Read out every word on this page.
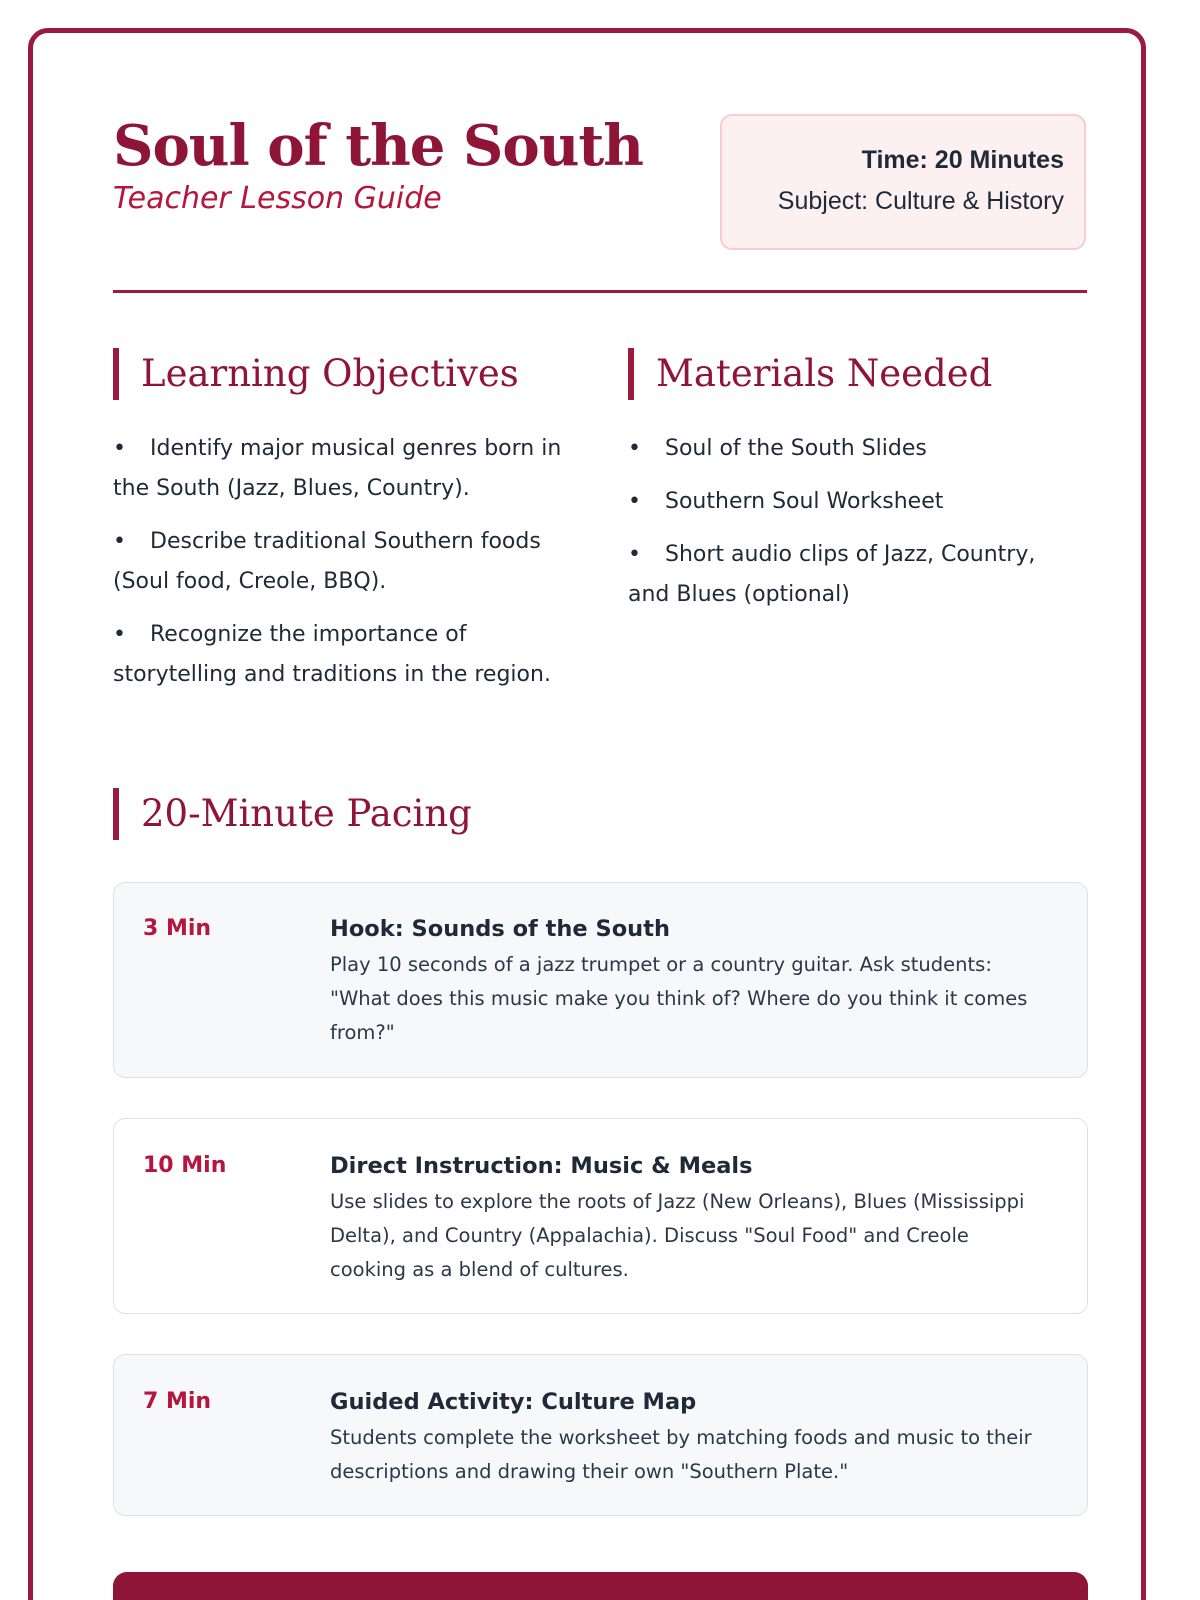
Soul of the South
Teacher Lesson Guide
Time: 20 Minutes
Subject: Culture & History
Learning Objectives
• Identify major musical genres born in the South (Jazz, Blues, Country).
• Describe traditional Southern foods (Soul food, Creole, BBQ).
• Recognize the importance of storytelling and traditions in the region.
Materials Needed
• Soul of the South Slides
• Southern Soul Worksheet
• Short audio clips of Jazz, Country, and Blues (optional)
20-Minute Pacing
3 Min	Hook: Sounds of the South
Play 10 seconds of a jazz trumpet or a country guitar. Ask students: "What does this music make you think of? Where do you think it comes from?"
10 Min	Direct Instruction: Music & Meals
Use slides to explore the roots of Jazz (New Orleans), Blues (Mississippi Delta), and Country (Appalachia). Discuss "Soul Food" and Creole cooking as a blend of cultures.
7 Min	Guided Activity: Culture Map
Students complete the worksheet by matching foods and music to their descriptions and drawing their own "Southern Plate."
